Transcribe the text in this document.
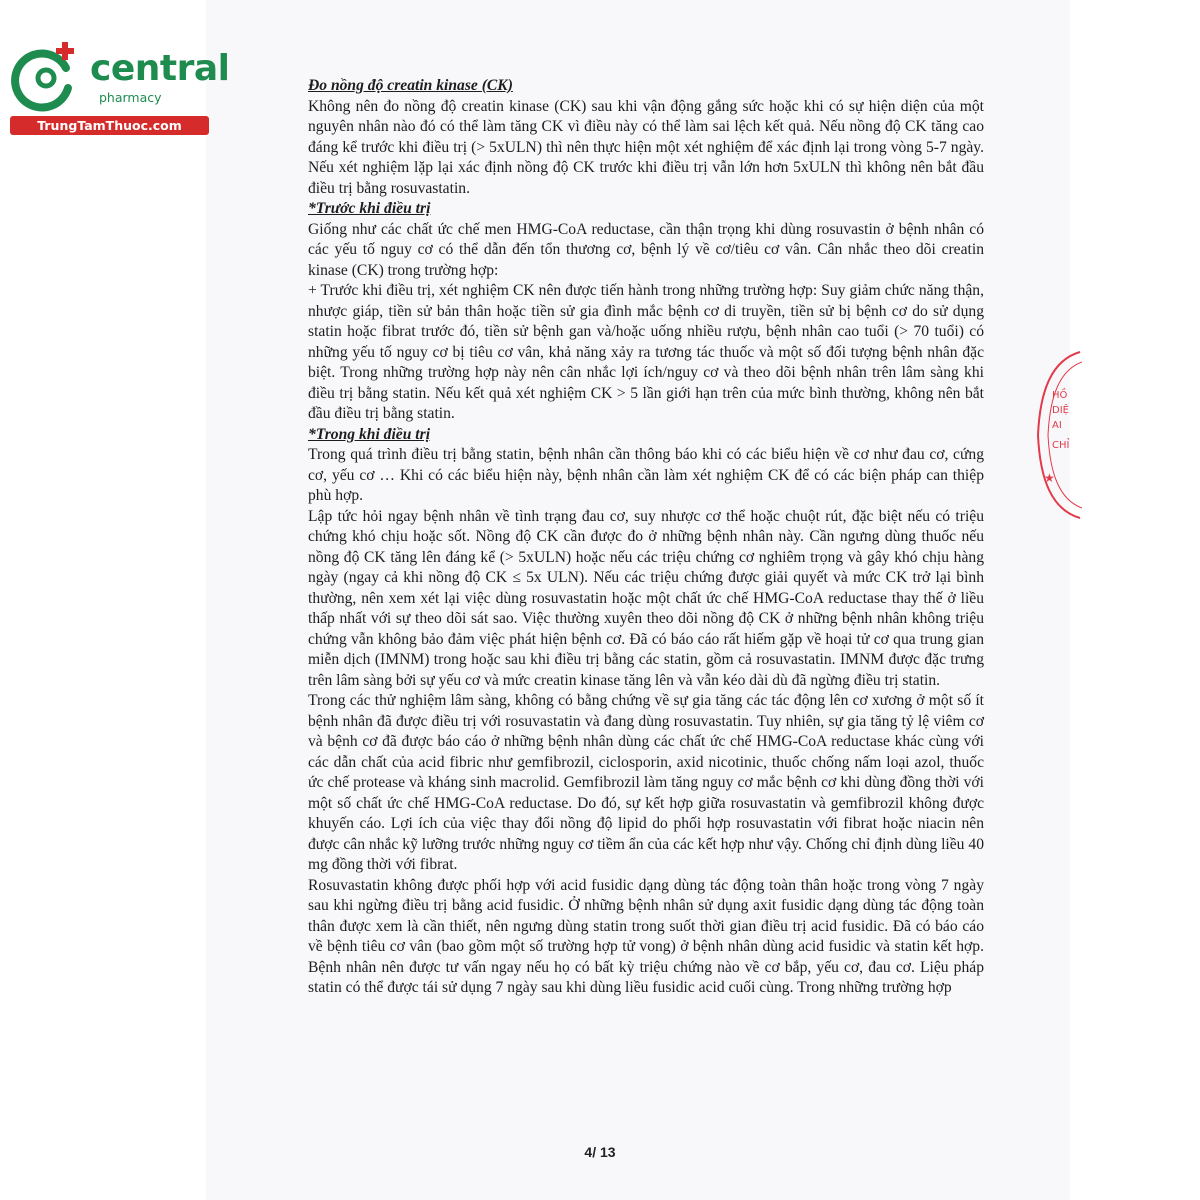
central
pharmacy
TrungTamThuoc.com
HỒ
DIỆ
AI
CHỈ
★

Đo nồng độ creatin kinase (CK)

Không nên đo nồng độ creatin kinase (CK) sau khi vận động gắng sức hoặc khi có sự hiện diện của một nguyên nhân nào đó có thể làm tăng CK vì điều này có thể làm sai lệch kết quả. Nếu nồng độ CK tăng cao đáng kể trước khi điều trị (> 5xULN) thì nên thực hiện một xét nghiệm để xác định lại trong vòng 5-7 ngày. Nếu xét nghiệm lặp lại xác định nồng độ CK trước khi điều trị vẫn lớn hơn 5xULN thì không nên bắt đầu điều trị bằng rosuvastatin.

*Trước khi điều trị

Giống như các chất ức chế men HMG-CoA reductase, cần thận trọng khi dùng rosuvastin ở bệnh nhân có các yếu tố nguy cơ có thể dẫn đến tổn thương cơ, bệnh lý về cơ/tiêu cơ vân. Cân nhắc theo dõi creatin kinase (CK) trong trường hợp:

+ Trước khi điều trị, xét nghiệm CK nên được tiến hành trong những trường hợp: Suy giảm chức năng thận, nhược giáp, tiền sử bản thân hoặc tiền sử gia đình mắc bệnh cơ di truyền, tiền sử bị bệnh cơ do sử dụng statin hoặc fibrat trước đó, tiền sử bệnh gan và/hoặc uống nhiều rượu, bệnh nhân cao tuổi (> 70 tuổi) có những yếu tố nguy cơ bị tiêu cơ vân, khả năng xảy ra tương tác thuốc và một số đối tượng bệnh nhân đặc biệt. Trong những trường hợp này nên cân nhắc lợi ích/nguy cơ và theo dõi bệnh nhân trên lâm sàng khi điều trị bằng statin. Nếu kết quả xét nghiệm CK > 5 lần giới hạn trên của mức bình thường, không nên bắt đầu điều trị bằng statin.

*Trong khi điều trị

Trong quá trình điều trị bằng statin, bệnh nhân cần thông báo khi có các biểu hiện về cơ như đau cơ, cứng cơ, yếu cơ … Khi có các biểu hiện này, bệnh nhân cần làm xét nghiệm CK để có các biện pháp can thiệp phù hợp.

Lập tức hỏi ngay bệnh nhân về tình trạng đau cơ, suy nhược cơ thể hoặc chuột rút, đặc biệt nếu có triệu chứng khó chịu hoặc sốt. Nồng độ CK cần được đo ở những bệnh nhân này. Cần ngưng dùng thuốc nếu nồng độ CK tăng lên đáng kể (> 5xULN) hoặc nếu các triệu chứng cơ nghiêm trọng và gây khó chịu hàng ngày (ngay cả khi nồng độ CK ≤ 5x ULN). Nếu các triệu chứng được giải quyết và mức CK trở lại bình thường, nên xem xét lại việc dùng rosuvastatin hoặc một chất ức chế HMG-CoA reductase thay thế ở liều thấp nhất với sự theo dõi sát sao. Việc thường xuyên theo dõi nồng độ CK ở những bệnh nhân không triệu chứng vẫn không bảo đảm việc phát hiện bệnh cơ. Đã có báo cáo rất hiếm gặp về hoại tử cơ qua trung gian miễn dịch (IMNM) trong hoặc sau khi điều trị bằng các statin, gồm cả rosuvastatin. IMNM được đặc trưng trên lâm sàng bởi sự yếu cơ và mức creatin kinase tăng lên và vẫn kéo dài dù đã ngừng điều trị statin.

Trong các thử nghiệm lâm sàng, không có bằng chứng về sự gia tăng các tác động lên cơ xương ở một số ít bệnh nhân đã được điều trị với rosuvastatin và đang dùng rosuvastatin. Tuy nhiên, sự gia tăng tỷ lệ viêm cơ và bệnh cơ đã được báo cáo ở những bệnh nhân dùng các chất ức chế HMG-CoA reductase khác cùng với các dẫn chất của acid fibric như gemfibrozil, ciclosporin, axid nicotinic, thuốc chống nấm loại azol, thuốc ức chế protease và kháng sinh macrolid. Gemfibrozil làm tăng nguy cơ mắc bệnh cơ khi dùng đồng thời với một số chất ức chế HMG-CoA reductase. Do đó, sự kết hợp giữa rosuvastatin và gemfibrozil không được khuyến cáo. Lợi ích của việc thay đổi nồng độ lipid do phối hợp rosuvastatin với fibrat hoặc niacin nên được cân nhắc kỹ lưỡng trước những nguy cơ tiềm ẩn của các kết hợp như vậy. Chống chỉ định dùng liều 40 mg đồng thời với fibrat.

Rosuvastatin không được phối hợp với acid fusidic dạng dùng tác động toàn thân hoặc trong vòng 7 ngày sau khi ngừng điều trị bằng acid fusidic. Ở những bệnh nhân sử dụng axit fusidic dạng dùng tác động toàn thân được xem là cần thiết, nên ngưng dùng statin trong suốt thời gian điều trị acid fusidic. Đã có báo cáo về bệnh tiêu cơ vân (bao gồm một số trường hợp tử vong) ở bệnh nhân dùng acid fusidic và statin kết hợp. Bệnh nhân nên được tư vấn ngay nếu họ có bất kỳ triệu chứng nào về cơ bắp, yếu cơ, đau cơ. Liệu pháp statin có thể được tái sử dụng 7 ngày sau khi dùng liều fusidic acid cuối cùng. Trong những trường hợp

4/ 13
